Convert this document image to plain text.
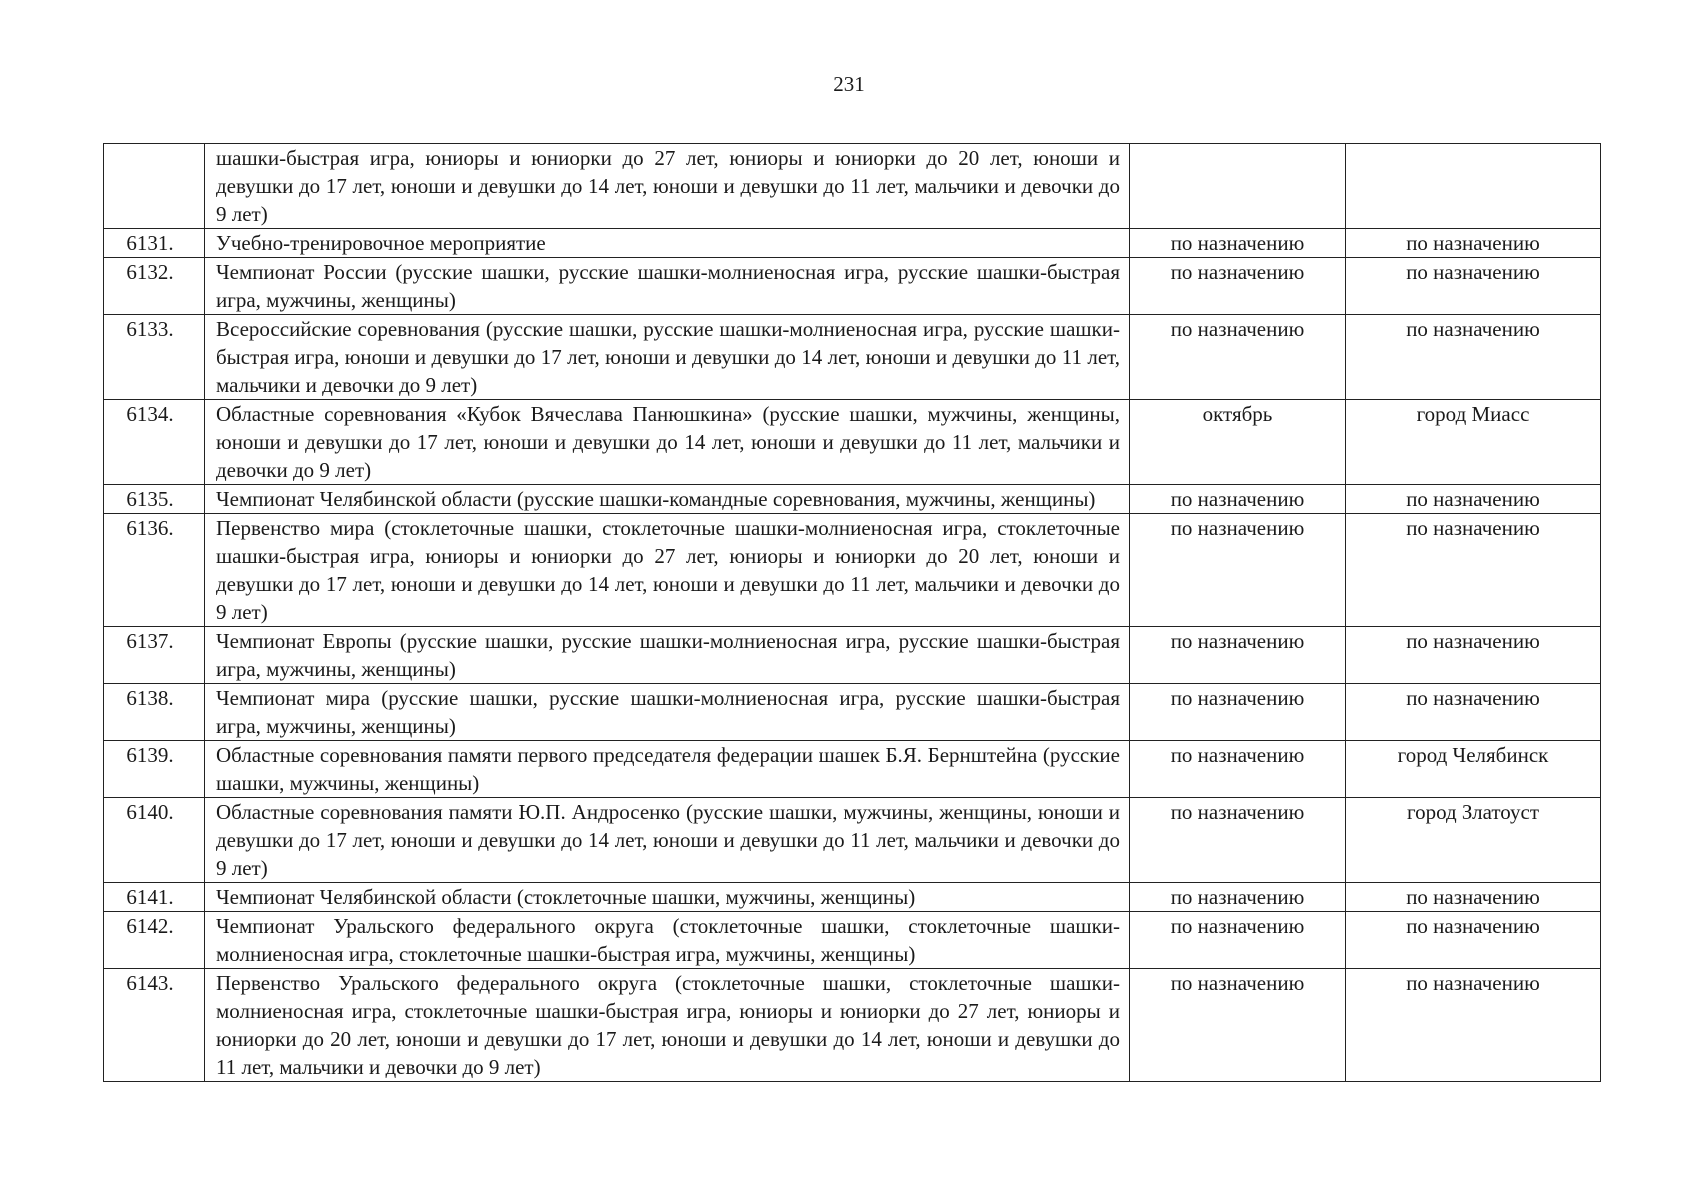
231
	шашки-быстрая игра, юниоры и юниорки до 27 лет, юниоры и юниорки до 20 лет, юноши и девушки до 17 лет, юноши и девушки до 14 лет, юноши и девушки до 11 лет, мальчики и девочки до 9 лет)		
6131.	Учебно-тренировочное мероприятие	по назначению	по назначению
6132.	Чемпионат России (русские шашки, русские шашки-молниеносная игра, русские шашки-быстрая игра, мужчины, женщины)	по назначению	по назначению
6133.	Всероссийские соревнования (русские шашки, русские шашки-молниеносная игра, русские шашки-быстрая игра, юноши и девушки до 17 лет, юноши и девушки до 14 лет, юноши и девушки до 11 лет, мальчики и девочки до 9 лет)	по назначению	по назначению
6134.	Областные соревнования «Кубок Вячеслава Панюшкина» (русские шашки, мужчины, женщины, юноши и девушки до 17 лет, юноши и девушки до 14 лет, юноши и девушки до 11 лет, мальчики и девочки до 9 лет)	октябрь	город Миасс
6135.	Чемпионат Челябинской области (русские шашки-командные соревнования, мужчины, женщины)	по назначению	по назначению
6136.	Первенство мира (стоклеточные шашки, стоклеточные шашки-молниеносная игра, стоклеточные шашки-быстрая игра, юниоры и юниорки до 27 лет, юниоры и юниорки до 20 лет, юноши и девушки до 17 лет, юноши и девушки до 14 лет, юноши и девушки до 11 лет, мальчики и девочки до 9 лет)	по назначению	по назначению
6137.	Чемпионат Европы (русские шашки, русские шашки-молниеносная игра, русские шашки-быстрая игра, мужчины, женщины)	по назначению	по назначению
6138.	Чемпионат мира (русские шашки, русские шашки-молниеносная игра, русские шашки-быстрая игра, мужчины, женщины)	по назначению	по назначению
6139.	Областные соревнования памяти первого председателя федерации шашек Б.Я. Бернштейна (русские шашки, мужчины, женщины)	по назначению	город Челябинск
6140.	Областные соревнования памяти Ю.П. Андросенко (русские шашки, мужчины, женщины, юноши и девушки до 17 лет, юноши и девушки до 14 лет, юноши и девушки до 11 лет, мальчики и девочки до 9 лет)	по назначению	город Златоуст
6141.	Чемпионат Челябинской области (стоклеточные шашки, мужчины, женщины)	по назначению	по назначению
6142.	Чемпионат Уральского федерального округа (стоклеточные шашки, стоклеточные шашки-молниеносная игра, стоклеточные шашки-быстрая игра, мужчины, женщины)	по назначению	по назначению
6143.	Первенство Уральского федерального округа (стоклеточные шашки, стоклеточные шашки-молниеносная игра, стоклеточные шашки-быстрая игра, юниоры и юниорки до 27 лет, юниоры и юниорки до 20 лет, юноши и девушки до 17 лет, юноши и девушки до 14 лет, юноши и девушки до 11 лет, мальчики и девочки до 9 лет)	по назначению	по назначению
